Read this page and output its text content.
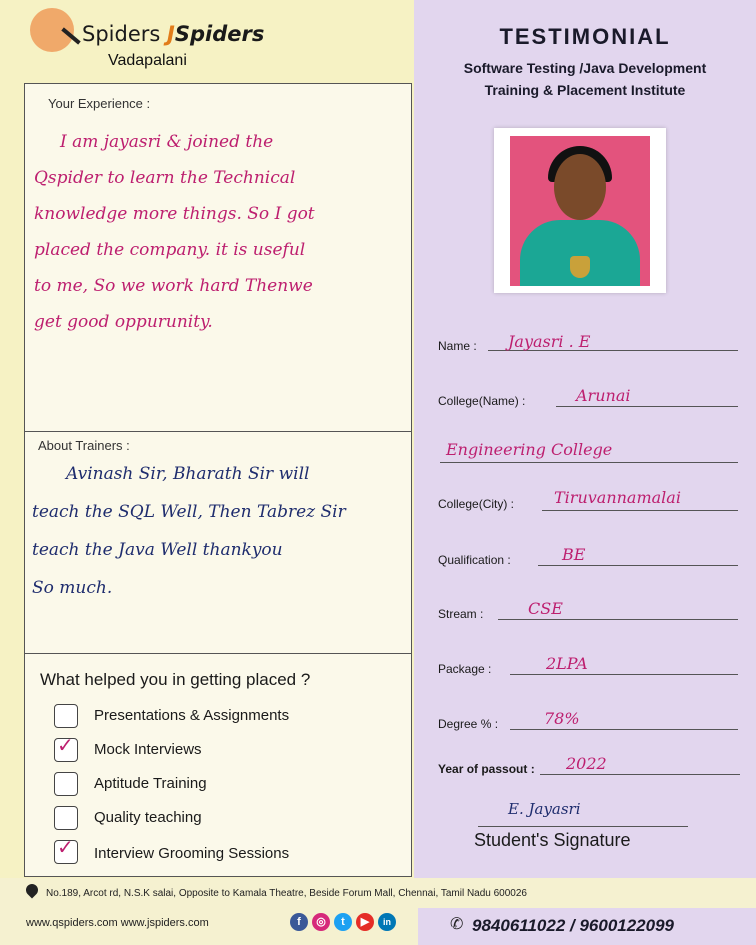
Spiders JSpiders
Vadapalani
Your Experience :
I am jayasri & joined the
Qspider to learn the Technical
knowledge more things. So I got
placed the company. it is useful
to me, So we work hard Thenwe
get good oppurunity.
About Trainers :
Avinash Sir, Bharath Sir will
teach the SQL Well, Then Tabrez Sir
teach the Java Well thankyou
So much.
What helped you in getting placed ?
Presentations & Assignments
✓ Mock Interviews
Aptitude Training
Quality teaching
✓ Interview Grooming Sessions
TESTIMONIAL
Software Testing /Java Development
Training & Placement Institute
Name : Jayasri . E
College(Name) :	Arunai
Engineering College
College(City) : Tiruvannamalai
Qualification :	BE
Stream :	CSE
Package :	2LPA
Degree % :	78%
Year of passout : 2022
E. Jayasri
Student's Signature
No.189, Arcot rd, N.S.K salai, Opposite to Kamala Theatre, Beside Forum Mall, Chennai, Tamil Nadu 600026
www.qspiders.com www.jspiders.com	f	◎	t	▶	in	✆ 9840611022 / 9600122099
